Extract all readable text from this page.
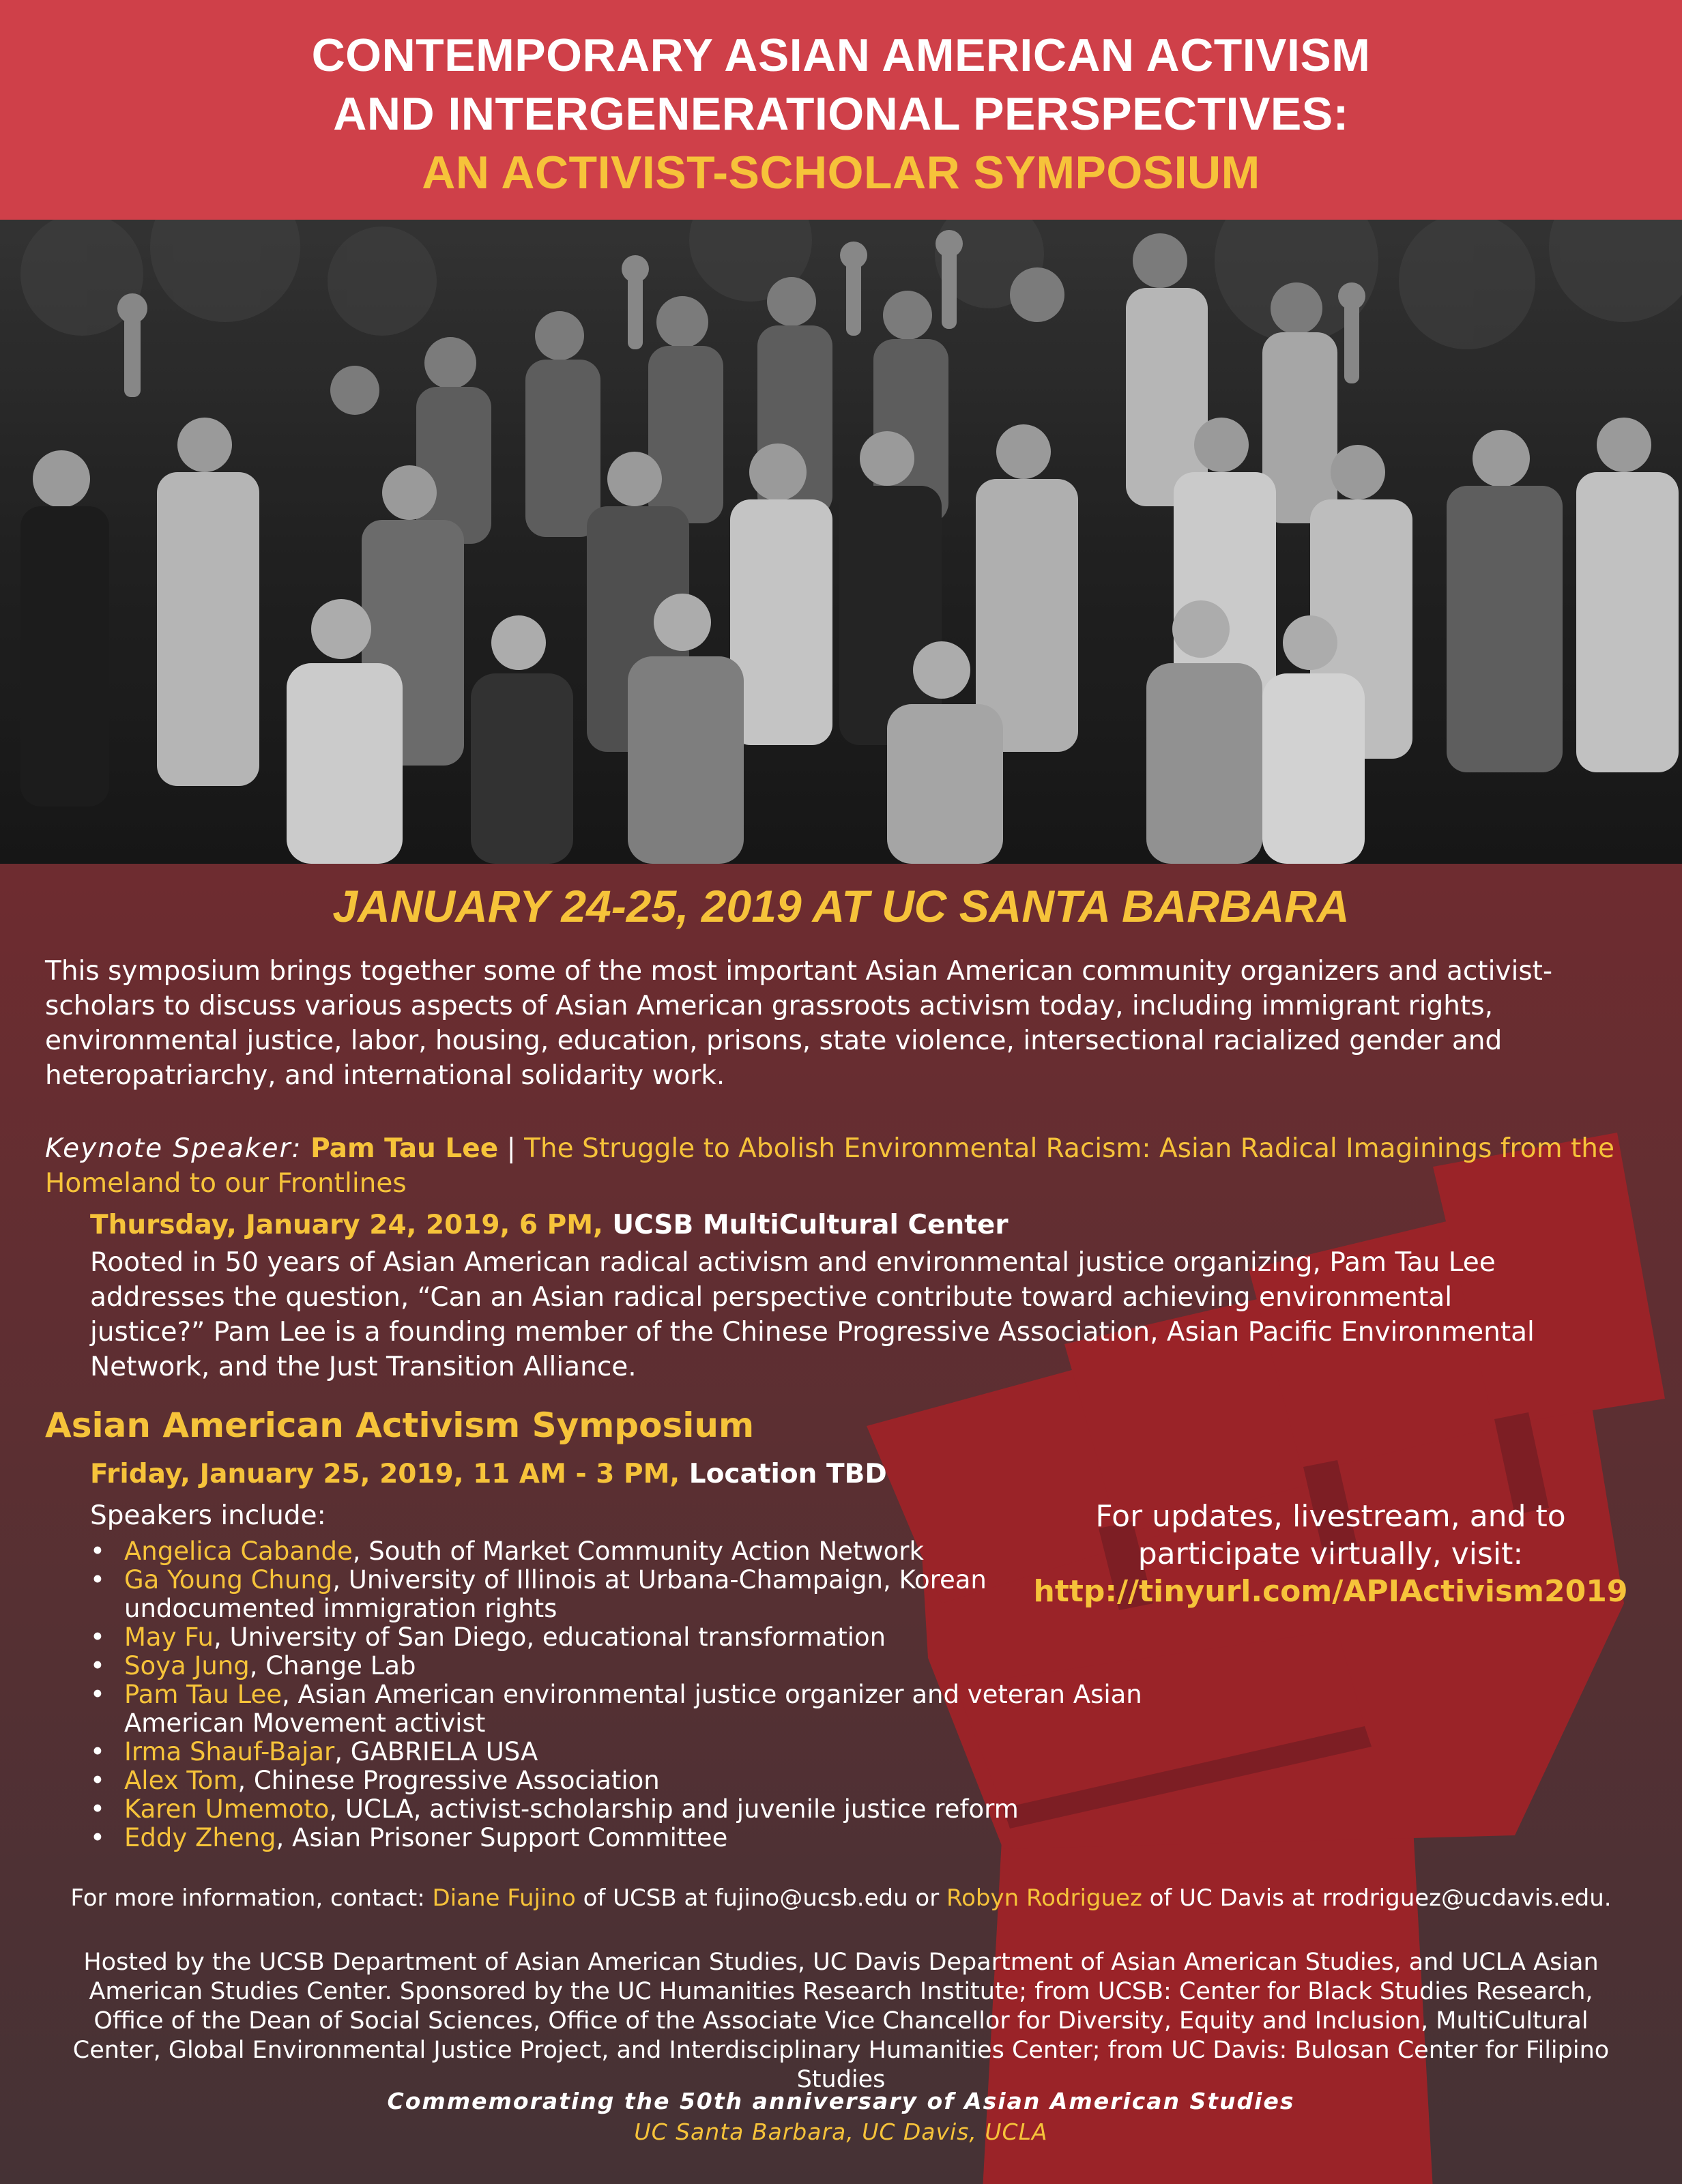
CONTEMPORARY ASIAN AMERICAN ACTIVISM
AND INTERGENERATIONAL PERSPECTIVES:
AN ACTIVIST-SCHOLAR SYMPOSIUM
JANUARY 24-25, 2019 AT UC SANTA BARBARA
This symposium brings together some of the most important Asian American community organizers and activist-scholars to discuss various aspects of Asian American grassroots activism today, including immigrant rights, environmental justice, labor, housing, education, prisons, state violence, intersectional racialized gender and heteropatriarchy, and international solidarity work.
Keynote Speaker: Pam Tau Lee | The Struggle to Abolish Environmental Racism: Asian Radical Imaginings from the Homeland to our Frontlines
Thursday, January 24, 2019, 6 PM, UCSB MultiCultural Center
Rooted in 50 years of Asian American radical activism and environmental justice organizing, Pam Tau Lee addresses the question, “Can an Asian radical perspective contribute toward achieving environmental justice?” Pam Lee is a founding member of the Chinese Progressive Association, Asian Pacific Environmental Network, and the Just Transition Alliance.
Asian American Activism Symposium
Friday, January 25, 2019, 11 AM - 3 PM, Location TBD
Speakers include:
• Angelica Cabande, South of Market Community Action Network
• Ga Young Chung, University of Illinois at Urbana-Champaign, Korean undocumented immigration rights
• May Fu, University of San Diego, educational transformation
• Soya Jung, Change Lab
• Pam Tau Lee, Asian American environmental justice organizer and veteran Asian American Movement activist
• Irma Shauf-Bajar, GABRIELA USA
• Alex Tom, Chinese Progressive Association
• Karen Umemoto, UCLA, activist-scholarship and juvenile justice reform
• Eddy Zheng, Asian Prisoner Support Committee
For updates, livestream, and to
participate virtually, visit:
http://tinyurl.com/APIActivism2019
For more information, contact: Diane Fujino of UCSB at fujino@ucsb.edu or Robyn Rodriguez of UC Davis at rrodriguez@ucdavis.edu.
Hosted by the UCSB Department of Asian American Studies, UC Davis Department of Asian American Studies, and UCLA Asian American Studies Center. Sponsored by the UC Humanities Research Institute; from UCSB: Center for Black Studies Research, Office of the Dean of Social Sciences, Office of the Associate Vice Chancellor for Diversity, Equity and Inclusion, MultiCultural Center, Global Environmental Justice Project, and Interdisciplinary Humanities Center; from UC Davis: Bulosan Center for Filipino Studies
Commemorating the 50th anniversary of Asian American Studies
UC Santa Barbara, UC Davis, UCLA
